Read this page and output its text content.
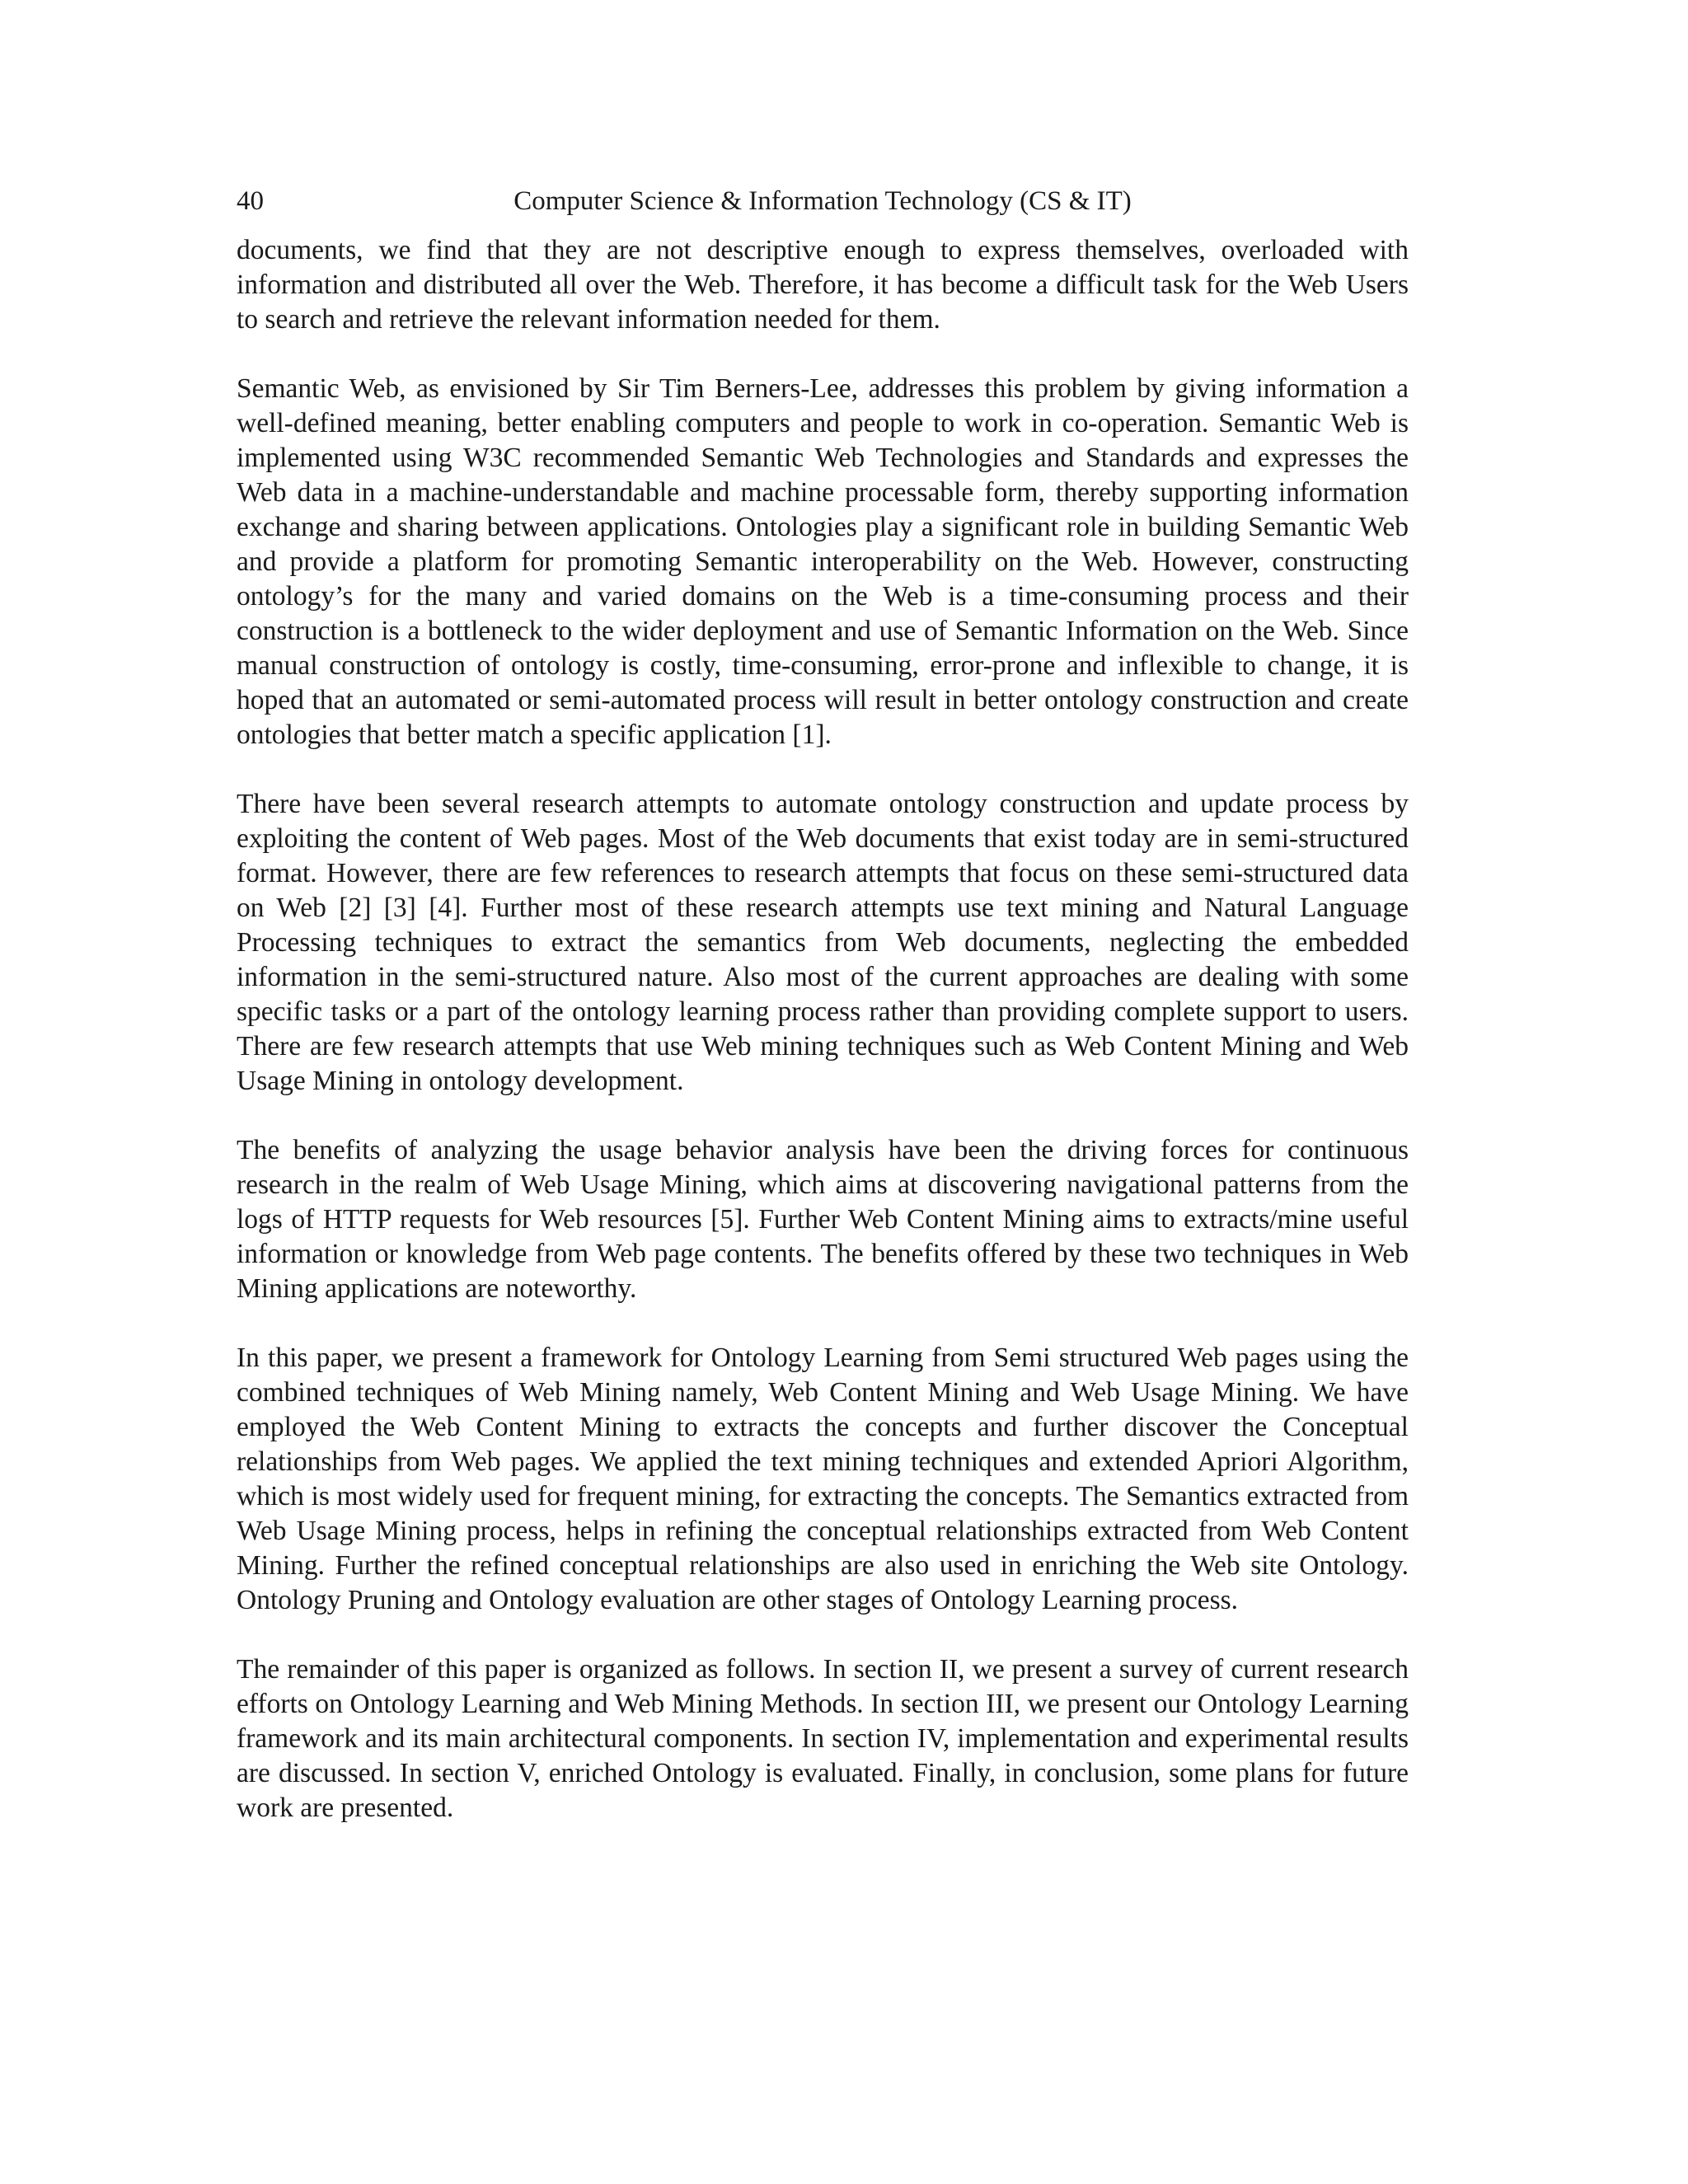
40	Computer Science & Information Technology (CS & IT)

documents, we find that they are not descriptive enough to express themselves, overloaded with information and distributed all over the Web. Therefore, it has become a difficult task for the Web Users to search and retrieve the relevant information needed for them.

Semantic Web, as envisioned by Sir Tim Berners-Lee, addresses this problem by giving information a well-defined meaning, better enabling computers and people to work in co-operation. Semantic Web is implemented using W3C recommended Semantic Web Technologies and Standards and expresses the Web data in a machine-understandable and machine processable form, thereby supporting information exchange and sharing between applications. Ontologies play a significant role in building Semantic Web and provide a platform for promoting Semantic interoperability on the Web. However, constructing ontology’s for the many and varied domains on the Web is a time-consuming process and their construction is a bottleneck to the wider deployment and use of Semantic Information on the Web. Since manual construction of ontology is costly, time-consuming, error-prone and inflexible to change, it is hoped that an automated or semi-automated process will result in better ontology construction and create ontologies that better match a specific application [1].

There have been several research attempts to automate ontology construction and update process by exploiting the content of Web pages. Most of the Web documents that exist today are in semi-structured format. However, there are few references to research attempts that focus on these semi-structured data on Web [2] [3] [4]. Further most of these research attempts use text mining and Natural Language Processing techniques to extract the semantics from Web documents, neglecting the embedded information in the semi-structured nature. Also most of the current approaches are dealing with some specific tasks or a part of the ontology learning process rather than providing complete support to users. There are few research attempts that use Web mining techniques such as Web Content Mining and Web Usage Mining in ontology development.

The benefits of analyzing the usage behavior analysis have been the driving forces for continuous research in the realm of Web Usage Mining, which aims at discovering navigational patterns from the logs of HTTP requests for Web resources [5]. Further Web Content Mining aims to extracts/mine useful information or knowledge from Web page contents. The benefits offered by these two techniques in Web Mining applications are noteworthy.

In this paper, we present a framework for Ontology Learning from Semi structured Web pages using the combined techniques of Web Mining namely, Web Content Mining and Web Usage Mining. We have employed the Web Content Mining to extracts the concepts and further discover the Conceptual relationships from Web pages. We applied the text mining techniques and extended Apriori Algorithm, which is most widely used for frequent mining, for extracting the concepts. The Semantics extracted from Web Usage Mining process, helps in refining the conceptual relationships extracted from Web Content Mining. Further the refined conceptual relationships are also used in enriching the Web site Ontology. Ontology Pruning and Ontology evaluation are other stages of Ontology Learning process.

The remainder of this paper is organized as follows. In section II, we present a survey of current research efforts on Ontology Learning and Web Mining Methods. In section III, we present our Ontology Learning framework and its main architectural components. In section IV, implementation and experimental results are discussed. In section V, enriched Ontology is evaluated. Finally, in conclusion, some plans for future work are presented.
